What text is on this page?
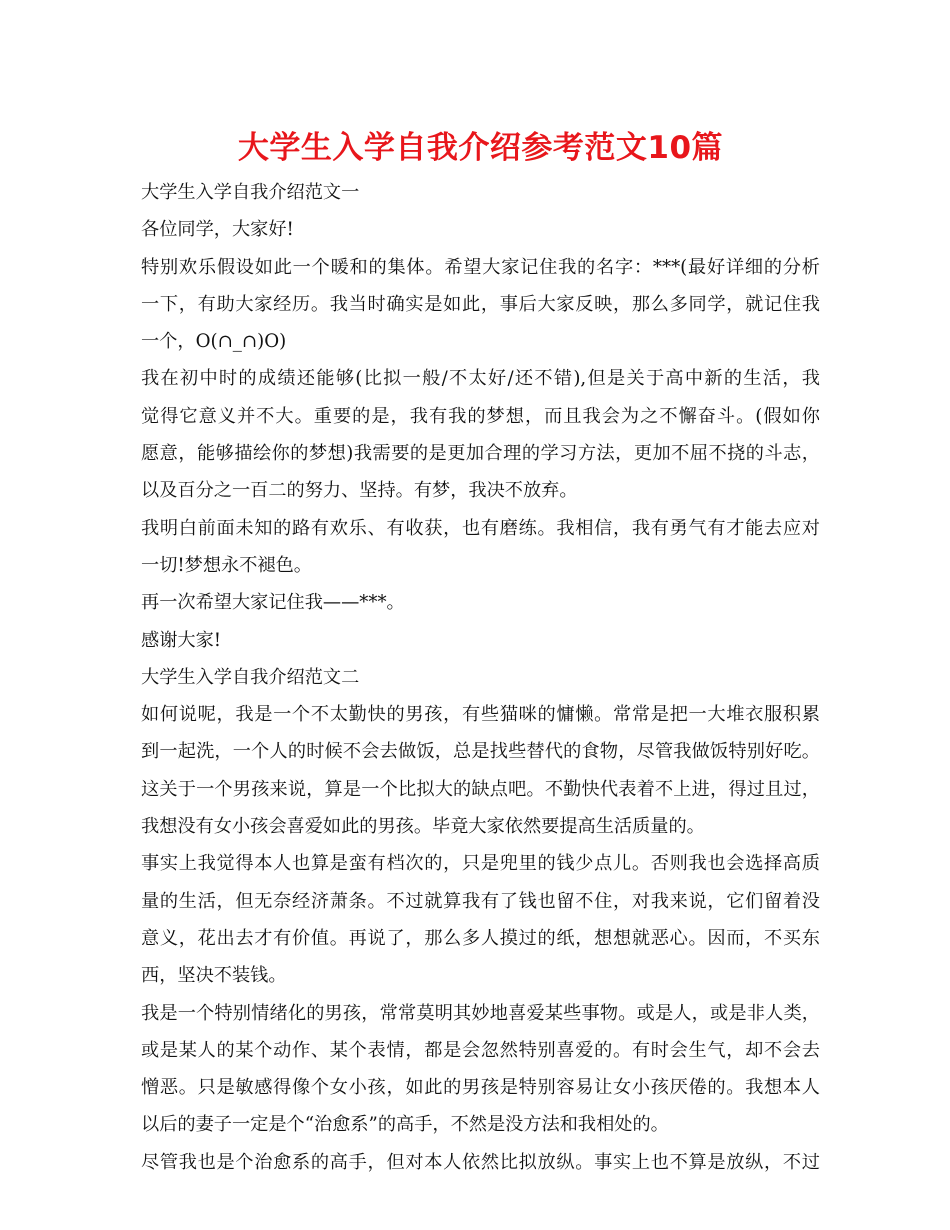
大学生入学自我介绍参考范文10篇
大学生入学自我介绍范文一
各位同学，大家好!
特别欢乐假设如此一个暖和的集体。希望大家记住我的名字：***(最好详细的分析
一下，有助大家经历。我当时确实是如此，事后大家反映，那么多同学，就记住我
一个，O(∩_∩)O)
我在初中时的成绩还能够(比拟一般/不太好/还不错),但是关于高中新的生活，我
觉得它意义并不大。重要的是，我有我的梦想，而且我会为之不懈奋斗。(假如你
愿意，能够描绘你的梦想)我需要的是更加合理的学习方法，更加不屈不挠的斗志，
以及百分之一百二的努力、坚持。有梦，我决不放弃。
我明白前面未知的路有欢乐、有收获，也有磨练。我相信，我有勇气有才能去应对
一切!梦想永不褪色。
再一次希望大家记住我——***。
感谢大家!
大学生入学自我介绍范文二
如何说呢，我是一个不太勤快的男孩，有些猫咪的慵懒。常常是把一大堆衣服积累
到一起洗，一个人的时候不会去做饭，总是找些替代的食物，尽管我做饭特别好吃。
这关于一个男孩来说，算是一个比拟大的缺点吧。不勤快代表着不上进，得过且过，
我想没有女小孩会喜爱如此的男孩。毕竟大家依然要提高生活质量的。
事实上我觉得本人也算是蛮有档次的，只是兜里的钱少点儿。否则我也会选择高质
量的生活，但无奈经济萧条。不过就算我有了钱也留不住，对我来说，它们留着没
意义，花出去才有价值。再说了，那么多人摸过的纸，想想就恶心。因而，不买东
西，坚决不装钱。
我是一个特别情绪化的男孩，常常莫明其妙地喜爱某些事物。或是人，或是非人类，
或是某人的某个动作、某个表情，都是会忽然特别喜爱的。有时会生气，却不会去
憎恶。只是敏感得像个女小孩，如此的男孩是特别容易让女小孩厌倦的。我想本人
以后的妻子一定是个“治愈系”的高手，不然是没方法和我相处的。
尽管我也是个治愈系的高手，但对本人依然比拟放纵。事实上也不算是放纵，不过
